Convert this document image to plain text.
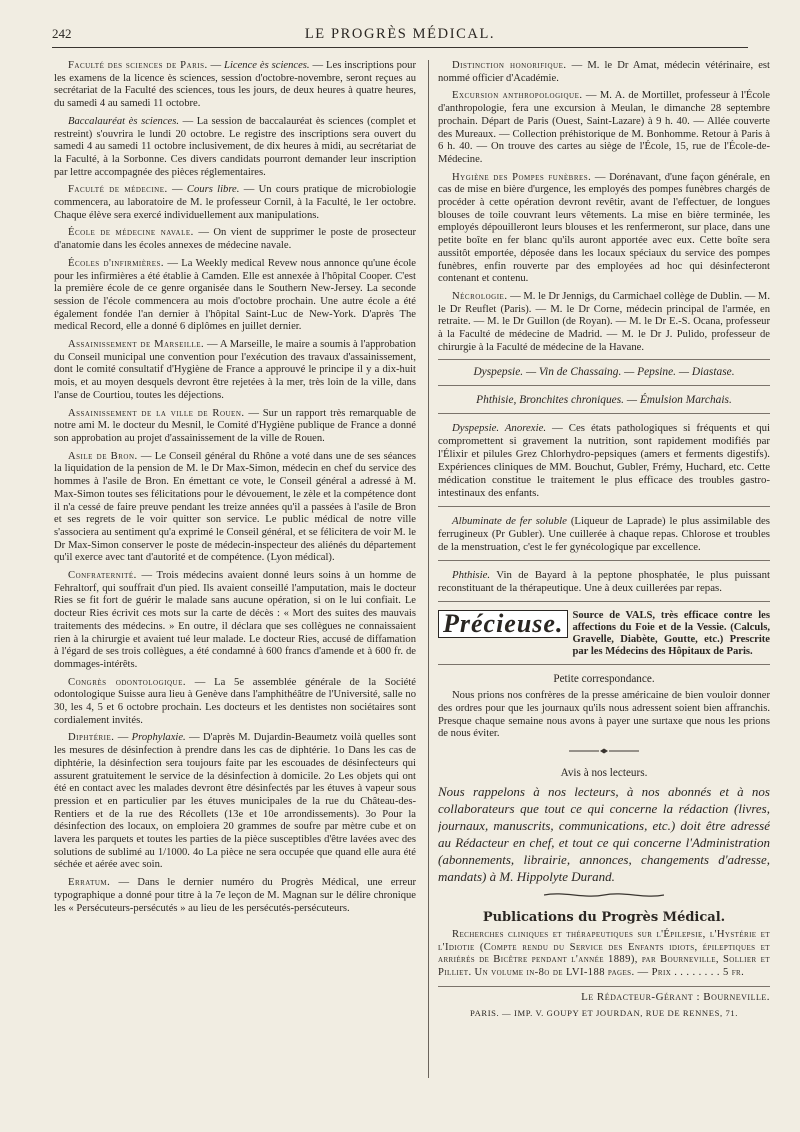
242	LE PROGRÈS MÉDICAL.

Faculté des sciences de Paris. — Licence ès sciences. — Les inscriptions pour les examens de la licence ès sciences, session d'octobre-novembre, seront reçues au secrétariat de la Faculté des sciences, tous les jours, de deux heures à quatre heures, du samedi 4 au samedi 11 octobre.

Baccalauréat ès sciences. — La session de baccalauréat ès sciences (complet et restreint) s'ouvrira le lundi 20 octobre. Le registre des inscriptions sera ouvert du samedi 4 au samedi 11 octobre inclusivement, de dix heures à midi, au secrétariat de la Faculté, à la Sorbonne. Ces divers candidats pourront demander leur inscription par lettre accompagnée des pièces réglementaires.

Faculté de médecine. — Cours libre. — Un cours pratique de microbiologie commencera, au laboratoire de M. le professeur Cornil, à la Faculté, le 1er octobre. Chaque élève sera exercé individuellement aux manipulations.

École de médecine navale. — On vient de supprimer le poste de prosecteur d'anatomie dans les écoles annexes de médecine navale.

Écoles d'infirmières. — La Weekly medical Revew nous annonce qu'une école pour les infirmières a été établie à Camden. Elle est annexée à l'hôpital Cooper. C'est la première école de ce genre organisée dans le Southern New-Jersey. La seconde session de l'école commencera au mois d'octobre prochain. Une autre école a été également fondée l'an dernier à l'hôpital Saint-Luc de New-York. D'après The medical Record, elle a donné 6 diplômes en juillet dernier.

Assainissement de Marseille. — A Marseille, le maire a soumis à l'approbation du Conseil municipal une convention pour l'exécution des travaux d'assainissement, dont le comité consultatif d'Hygiène de France a approuvé le principe il y a dix-huit mois, et au moyen desquels devront être rejetées à la mer, très loin de la ville, dans l'anse de Courtiou, toutes les déjections.

Assainissement de la ville de Rouen. — Sur un rapport très remarquable de notre ami M. le docteur du Mesnil, le Comité d'Hygiène publique de France a donné son approbation au projet d'assainissement de la ville de Rouen.

Asile de Bron. — Le Conseil général du Rhône a voté dans une de ses séances la liquidation de la pension de M. le Dr Max-Simon, médecin en chef du service des hommes à l'asile de Bron. En émettant ce vote, le Conseil général a adressé à M. Max-Simon toutes ses félicitations pour le dévouement, le zèle et la compétence dont il n'a cessé de faire preuve pendant les treize années qu'il a passées à l'asile de Bron et ses regrets de le voir quitter son service. Le public médical de notre ville s'associera au sentiment qu'a exprimé le Conseil général, et se félicitera de voir M. le Dr Max-Simon conserver le poste de médecin-inspecteur des aliénés du département qu'il exerce avec tant d'autorité et de compétence. (Lyon médical).

Confraternité. — Trois médecins avaient donné leurs soins à un homme de Fehraltorf, qui souffrait d'un pied. Ils avaient conseillé l'amputation, mais le docteur Ries se fit fort de guérir le malade sans aucune opération, si on le lui confiait. Le docteur Ries écrivit ces mots sur la carte de décès : « Mort des suites des mauvais traitements des médecins. » En outre, il déclara que ses collègues ne connaissaient rien à la chirurgie et avaient tué leur malade. Le docteur Ries, accusé de diffamation à l'égard de ses trois collègues, a été condamné à 600 francs d'amende et à 600 fr. de dommages-intérêts.

Congrès odontologique. — La 5e assemblée générale de la Société odontologique Suisse aura lieu à Genève dans l'amphithéâtre de l'Université, salle no 30, les 4, 5 et 6 octobre prochain. Les docteurs et les dentistes non sociétaires sont cordialement invités.

Diphtérie. — Prophylaxie. — D'après M. Dujardin-Beaumetz voilà quelles sont les mesures de désinfection à prendre dans les cas de diphtérie. 1o Dans les cas de diphtérie, la désinfection sera toujours faite par les escouades de désinfecteurs qui assurent gratuitement le service de la désinfection à domicile. 2o Les objets qui ont été en contact avec les malades devront être désinfectés par les étuves à vapeur sous pression et en particulier par les étuves municipales de la rue du Château-des-Rentiers et de la rue des Récollets (13e et 10e arrondissements). 3o Pour la désinfection des locaux, on emploiera 20 grammes de soufre par mètre cube et on lavera les parquets et toutes les parties de la pièce susceptibles d'être lavées avec des solutions de sublimé au 1/1000. 4o La pièce ne sera occupée que quand elle aura été séchée et aérée avec soin.

Erratum. — Dans le dernier numéro du Progrès Médical, une erreur typographique a donné pour titre à la 7e leçon de M. Magnan sur le délire chronique les « Persécuteurs-persécutés » au lieu de les persécutés-persécuteurs.

Distinction honorifique. — M. le Dr Amat, médecin vétérinaire, est nommé officier d'Académie.

Excursion anthropologique. — M. A. de Mortillet, professeur à l'École d'anthropologie, fera une excursion à Meulan, le dimanche 28 septembre prochain. Départ de Paris (Ouest, Saint-Lazare) à 9 h. 40. — Allée couverte des Mureaux. — Collection préhistorique de M. Bonhomme. Retour à Paris à 6 h. 40. — On trouve des cartes au siège de l'École, 15, rue de l'École-de-Médecine.

Hygiène des Pompes funèbres. — Dorénavant, d'une façon générale, en cas de mise en bière d'urgence, les employés des pompes funèbres chargés de procéder à cette opération devront revêtir, avant de l'effectuer, de longues blouses de toile couvrant leurs vêtements. La mise en bière terminée, les employés dépouilleront leurs blouses et les renfermeront, sur place, dans une petite boîte en fer blanc qu'ils auront apportée avec eux. Cette boîte sera aussitôt emportée, déposée dans les locaux spéciaux du service des pompes funèbres, enfin rouverte par des employées ad hoc qui désinfecteront contenant et contenu.

Nécrologie. — M. le Dr Jennigs, du Carmichael collège de Dublin. — M. le Dr Reuflet (Paris). — M. le Dr Corne, médecin principal de l'armée, en retraite. — M. le Dr Guillon (de Royan). — M. le Dr E.-S. Ocana, professeur à la Faculté de médecine de Madrid. — M. le Dr J. Pulido, professeur de chirurgie à la Faculté de médecine de la Havane.

Dyspepsie. — Vin de Chassaing. — Pepsine. — Diastase.
Phthisie, Bronchites chroniques. — Émulsion Marchais.
Dyspepsie. Anorexie. — Ces états pathologiques si fréquents et qui compromettent si gravement la nutrition, sont rapidement modifiés par l'Élixir et pilules Grez Chlorhydro-pepsiques (amers et ferments digestifs). Expériences cliniques de MM. Bouchut, Gubler, Frémy, Huchard, etc. Cette médication constitue le traitement le plus efficace des troubles gastro-intestinaux des enfants.
Albuminate de fer soluble (Liqueur de Laprade) le plus assimilable des ferrugineux (Pr Gubler). Une cuillerée à chaque repas. Chlorose et troubles de la menstruation, c'est le fer gynécologique par excellence.
Phthisie. Vin de Bayard à la peptone phosphatée, le plus puissant reconstituant de la thérapeutique. Une à deux cuillerées par repas.
Précieuse. Source de VALS, très efficace contre les affections du Foie et de la Vessie. (Calculs, Gravelle, Diabète, Goutte, etc.) Prescrite par les Médecins des Hôpitaux de Paris.
Petite correspondance.

Nous prions nos confrères de la presse américaine de bien vouloir donner des ordres pour que les journaux qu'ils nous adressent soient bien affranchis. Presque chaque semaine nous avons à payer une surtaxe que nous les prions de nous éviter.

Avis à nos lecteurs.
Nous rappelons à nos lecteurs, à nos abonnés et à nos collaborateurs que tout ce qui concerne la rédaction (livres, journaux, manuscrits, communications, etc.) doit être adressé au Rédacteur en chef, et tout ce qui concerne l'Administration (abonnements, librairie, annonces, changements d'adresse, mandats) à M. Hippolyte Durand.
Publications du Progrès Médical.

Recherches cliniques et thérapeutiques sur l'Épilepsie, l'Hystérie et l'Idiotie (Compte rendu du Service des Enfants idiots, épileptiques et arriérés de Bicêtre pendant l'année 1889), par Bourneville, Sollier et Pilliet. Un volume in-8o de LVI-188 pages. — Prix . . . . . . . . 5 fr.

Le Rédacteur-Gérant : Bourneville.
PARIS. — IMP. V. GOUPY ET JOURDAN, RUE DE RENNES, 71.
